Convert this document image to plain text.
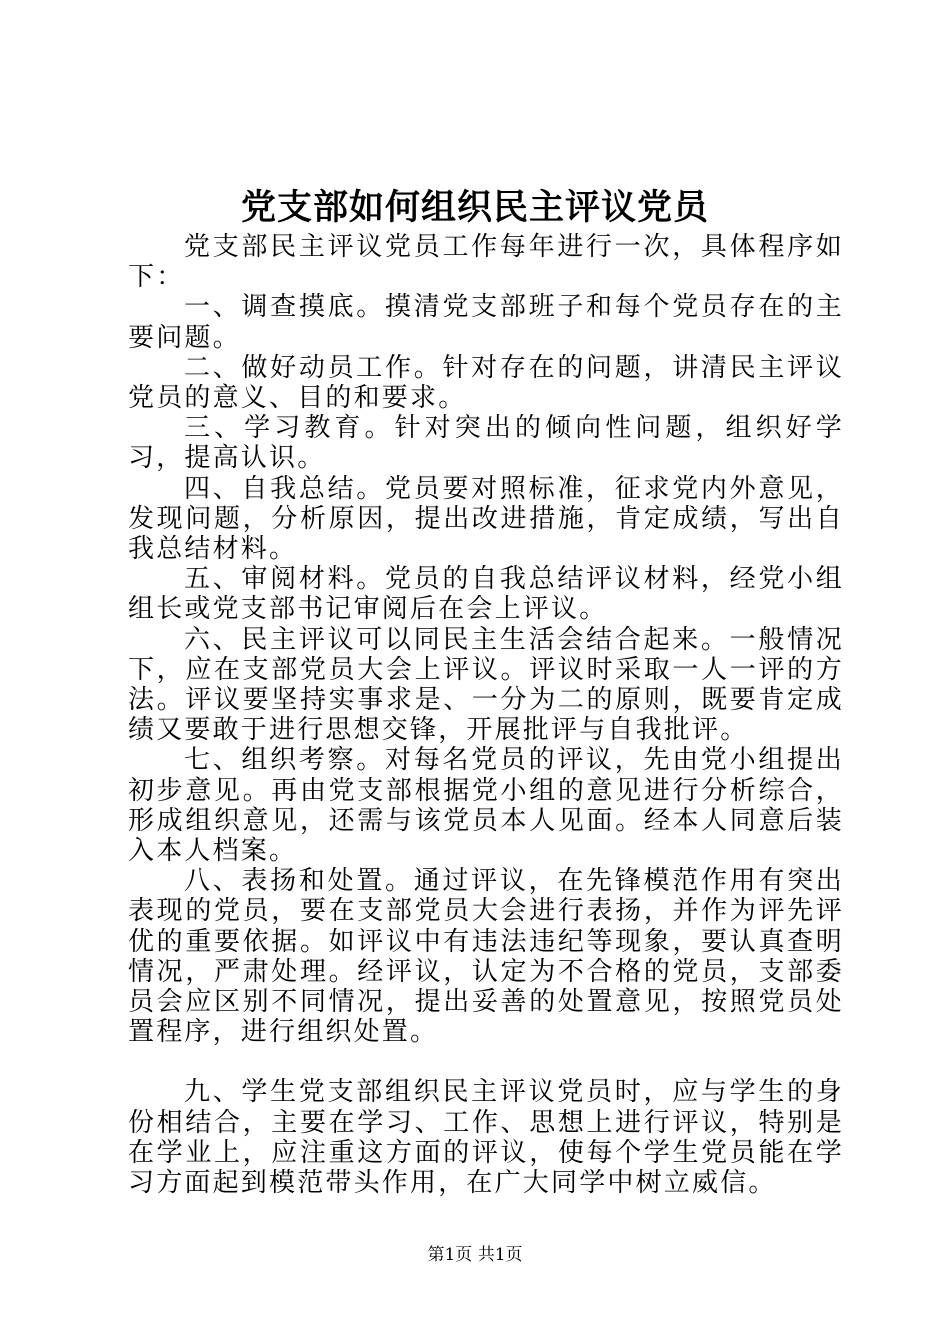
党支部如何组织民主评议党员

党支部民主评议党员工作每年进行一次，具体程序如下：

一、调查摸底。摸清党支部班子和每个党员存在的主要问题。

二、做好动员工作。针对存在的问题，讲清民主评议党员的意义、目的和要求。

三、学习教育。针对突出的倾向性问题，组织好学习，提高认识。

四、自我总结。党员要对照标准，征求党内外意见，发现问题，分析原因，提出改进措施，肯定成绩，写出自我总结材料。

五、审阅材料。党员的自我总结评议材料，经党小组组长或党支部书记审阅后在会上评议。

六、民主评议可以同民主生活会结合起来。一般情况下，应在支部党员大会上评议。评议时采取一人一评的方法。评议要坚持实事求是、一分为二的原则，既要肯定成绩又要敢于进行思想交锋，开展批评与自我批评。

七、组织考察。对每名党员的评议，先由党小组提出初步意见。再由党支部根据党小组的意见进行分析综合，形成组织意见，还需与该党员本人见面。经本人同意后装入本人档案。

八、表扬和处置。通过评议，在先锋模范作用有突出表现的党员，要在支部党员大会进行表扬，并作为评先评优的重要依据。如评议中有违法违纪等现象，要认真查明情况，严肃处理。经评议，认定为不合格的党员，支部委员会应区别不同情况，提出妥善的处置意见，按照党员处置程序，进行组织处置。

九、学生党支部组织民主评议党员时，应与学生的身份相结合，主要在学习、工作、思想上进行评议，特别是在学业上，应注重这方面的评议，使每个学生党员能在学习方面起到模范带头作用，在广大同学中树立威信。

第1页 共1页
